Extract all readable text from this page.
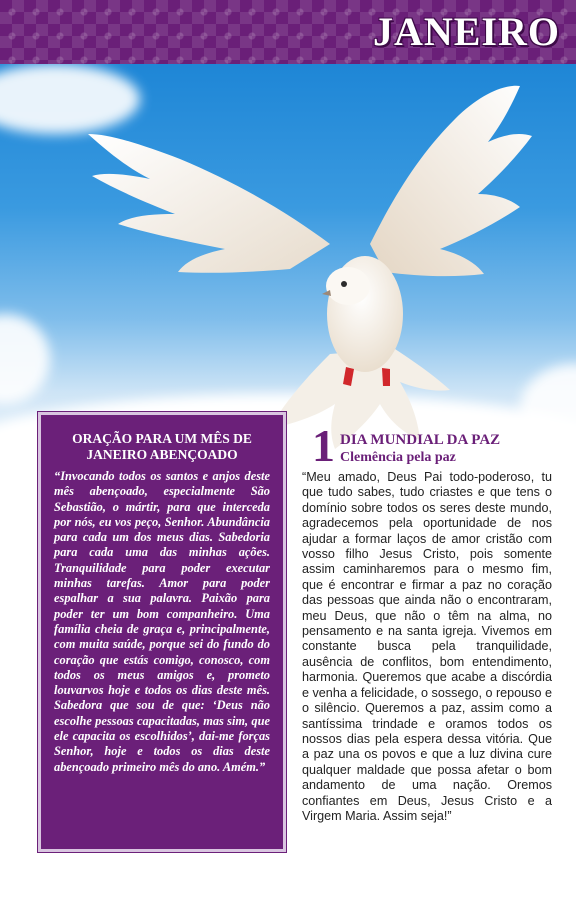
JANEIRO
ORAÇÃO PARA UM MÊS DE JANEIRO ABENÇOADO

“Invocando todos os santos e anjos deste mês abençoado, especialmente São Sebastião, o mártir, para que interceda por nós, eu vos peço, Senhor. Abundância para cada um dos meus dias. Sabedoria para cada uma das minhas ações. Tranquilidade para poder executar minhas tarefas. Amor para poder espalhar a sua palavra. Paixão para poder ter um bom companheiro. Uma família cheia de graça e, principalmente, com muita saúde, porque sei do fundo do coração que estás comigo, conosco, com todos os meus amigos e, prometo louvarvos hoje e todos os dias deste mês. Sabedora que sou de que: ‘Deus não escolhe pessoas capacitadas, mas sim, que ele capacita os escolhidos’, dai-me forças Senhor, hoje e todos os dias deste abençoado primeiro mês do ano. Amém.”

1 DIA MUNDIAL DA PAZ
Clemência pela paz

“Meu amado, Deus Pai todo-poderoso, tu que tudo sabes, tudo criastes e que tens o domínio sobre todos os seres deste mundo, agradecemos pela oportunidade de nos ajudar a formar laços de amor cristão com vosso filho Jesus Cristo, pois somente assim caminharemos para o mesmo fim, que é encontrar e firmar a paz no coração das pessoas que ainda não o encontraram, meu Deus, que não o têm na alma, no pensamento e na santa igreja. Vivemos em constante busca pela tranquilidade, ausência de conflitos, bom entendimento, harmonia. Queremos que acabe a discórdia e venha a felicidade, o sossego, o repouso e o silêncio. Queremos a paz, assim como a santíssima trindade e oramos todos os nossos dias pela espera dessa vitória. Que a paz una os povos e que a luz divina cure qualquer maldade que possa afetar o bom andamento de uma nação. Oremos confiantes em Deus, Jesus Cristo e a Virgem Maria. Assim seja!”
